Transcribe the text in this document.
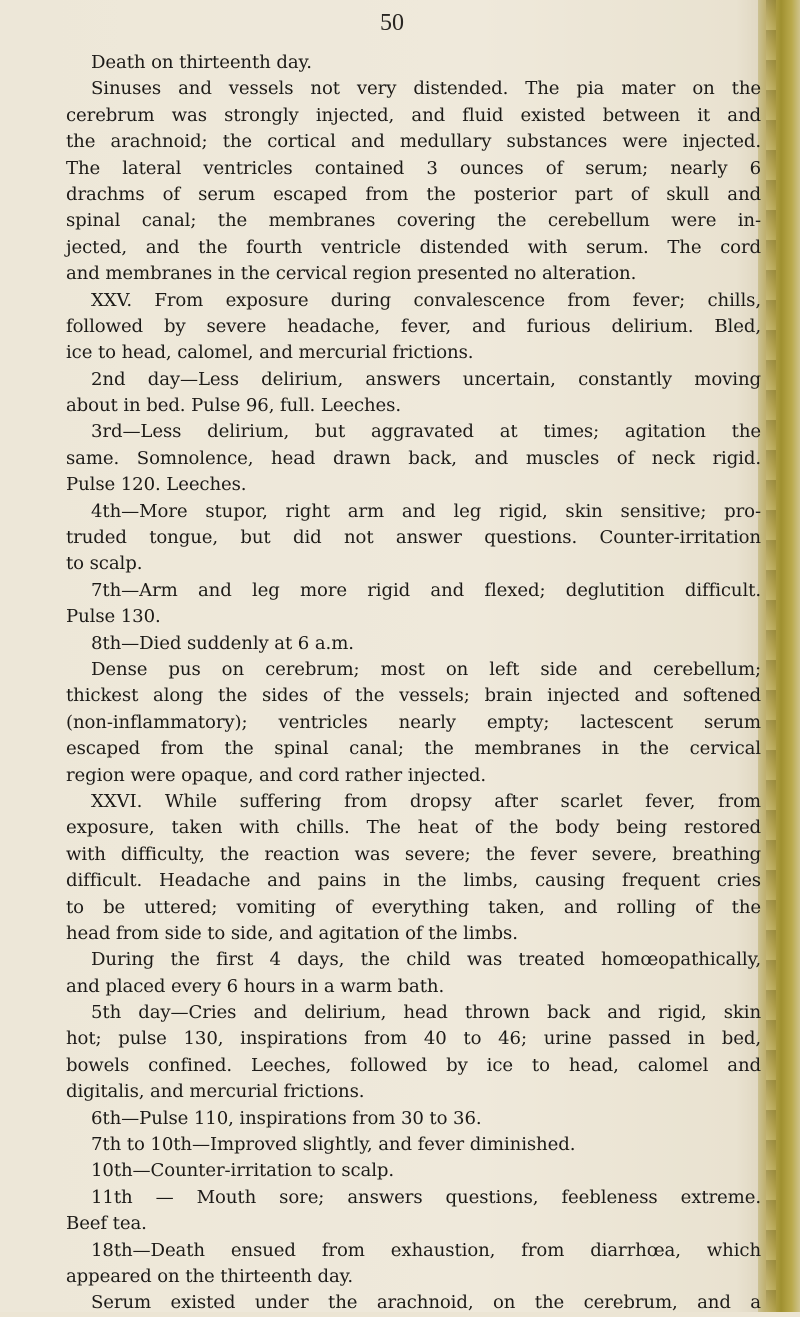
50
Death on thirteenth day.
Sinuses and vessels not very distended. The pia mater on the
cerebrum was strongly injected, and fluid existed between it and
the arachnoid; the cortical and medullary substances were injected.
The lateral ventricles contained 3 ounces of serum; nearly 6
drachms of serum escaped from the posterior part of skull and
spinal canal; the membranes covering the cerebellum were in-
jected, and the fourth ventricle distended with serum. The cord
and membranes in the cervical region presented no alteration.
XXV. From exposure during convalescence from fever; chills,
followed by severe headache, fever, and furious delirium. Bled,
ice to head, calomel, and mercurial frictions.
2nd day—Less delirium, answers uncertain, constantly moving
about in bed. Pulse 96, full. Leeches.
3rd—Less delirium, but aggravated at times; agitation the
same. Somnolence, head drawn back, and muscles of neck rigid.
Pulse 120. Leeches.
4th—More stupor, right arm and leg rigid, skin sensitive; pro-
truded tongue, but did not answer questions. Counter-irritation
to scalp.
7th—Arm and leg more rigid and flexed; deglutition difficult.
Pulse 130.
8th—Died suddenly at 6 a.m.
Dense pus on cerebrum; most on left side and cerebellum;
thickest along the sides of the vessels; brain injected and softened
(non-inflammatory); ventricles nearly empty; lactescent serum
escaped from the spinal canal; the membranes in the cervical
region were opaque, and cord rather injected.
XXVI. While suffering from dropsy after scarlet fever, from
exposure, taken with chills. The heat of the body being restored
with difficulty, the reaction was severe; the fever severe, breathing
difficult. Headache and pains in the limbs, causing frequent cries
to be uttered; vomiting of everything taken, and rolling of the
head from side to side, and agitation of the limbs.
During the first 4 days, the child was treated homœopathically,
and placed every 6 hours in a warm bath.
5th day—Cries and delirium, head thrown back and rigid, skin
hot; pulse 130, inspirations from 40 to 46; urine passed in bed,
bowels confined. Leeches, followed by ice to head, calomel and
digitalis, and mercurial frictions.
6th—Pulse 110, inspirations from 30 to 36.
7th to 10th—Improved slightly, and fever diminished.
10th—Counter-irritation to scalp.
11th — Mouth sore; answers questions, feebleness extreme.
Beef tea.
18th—Death ensued from exhaustion, from diarrhœa, which
appeared on the thirteenth day.
Serum existed under the arachnoid, on the cerebrum, and a
